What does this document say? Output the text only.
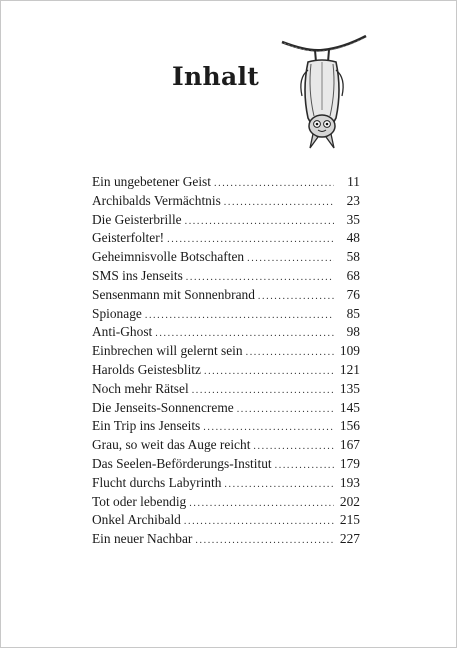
Inhalt
Ein ungebetener Geist .....	11
Archibalds Vermächtnis .....	23
Die Geisterbrille .....	35
Geisterfolter! .....	48
Geheimnisvolle Botschaften .....	58
SMS ins Jenseits .....	68
Sensenmann mit Sonnenbrand .....	76
Spionage .....	85
Anti-Ghost .....	98
Einbrechen will gelernt sein .....	109
Harolds Geistesblitz .....	121
Noch mehr Rätsel .....	135
Die Jenseits-Sonnencreme .....	145
Ein Trip ins Jenseits .....	156
Grau, so weit das Auge reicht .....	167
Das Seelen-Beförderungs-Institut .....	179
Flucht durchs Labyrinth .....	193
Tot oder lebendig .....	202
Onkel Archibald .....	215
Ein neuer Nachbar .....	227
